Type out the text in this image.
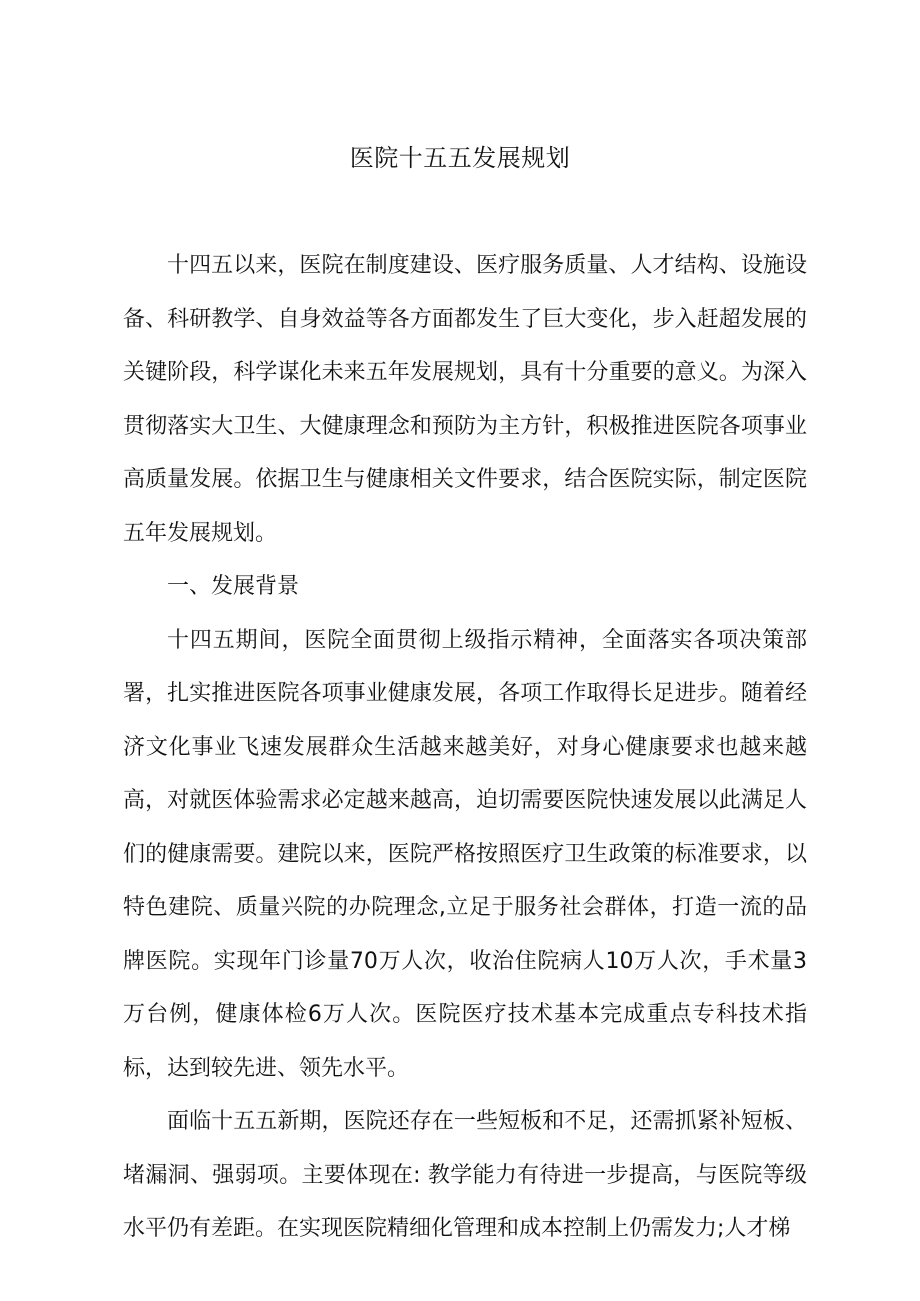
医院十五五发展规划

十四五以来，医院在制度建设、医疗服务质量、人才结构、设施设备、科研教学、自身效益等各方面都发生了巨大变化，步入赶超发展的关键阶段，科学谋化未来五年发展规划，具有十分重要的意义。为深入贯彻落实大卫生、大健康理念和预防为主方针，积极推进医院各项事业高质量发展。依据卫生与健康相关文件要求，结合医院实际，制定医院五年发展规划。

一、发展背景

十四五期间，医院全面贯彻上级指示精神，全面落实各项决策部署，扎实推进医院各项事业健康发展，各项工作取得长足进步。随着经济文化事业飞速发展群众生活越来越美好，对身心健康要求也越来越高，对就医体验需求必定越来越高，迫切需要医院快速发展以此满足人们的健康需要。建院以来，医院严格按照医疗卫生政策的标准要求，以特色建院、质量兴院的办院理念,立足于服务社会群体，打造一流的品牌医院。实现年门诊量70万人次，收治住院病人10万人次，手术量3万台例，健康体检6万人次。医院医疗技术基本完成重点专科技术指标，达到较先进、领先水平。

面临十五五新期，医院还存在一些短板和不足，还需抓紧补短板、堵漏洞、强弱项。主要体现在: 教学能力有待进一步提高，与医院等级水平仍有差距。在实现医院精细化管理和成本控制上仍需发力;人才梯
